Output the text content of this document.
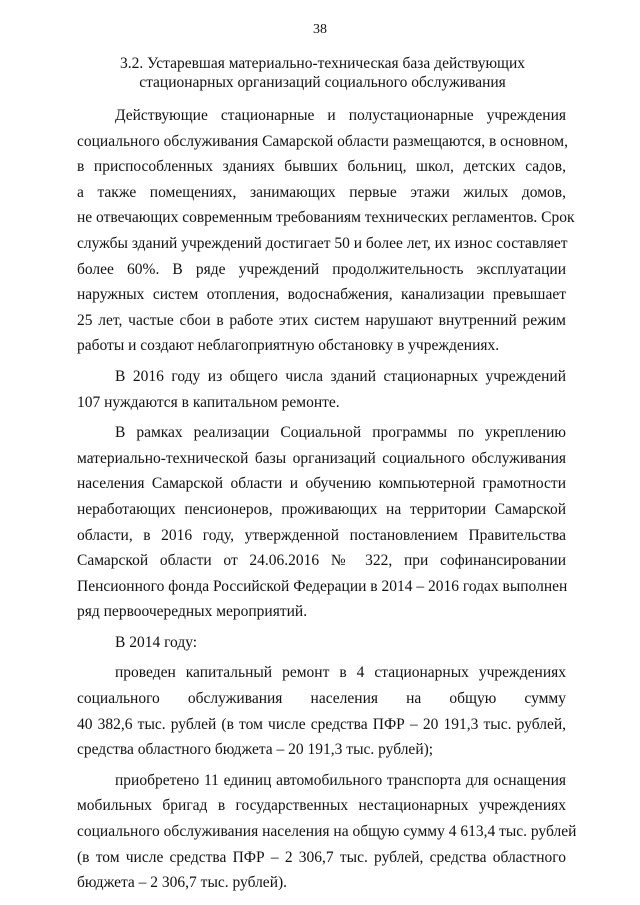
38
3.2. Устаревшая материально-техническая база действующих
стационарных организаций социального обслуживания
Действующие стационарные и полустационарные учреждения
социального обслуживания Самарской области размещаются, в основном,
в приспособленных зданиях бывших больниц, школ, детских садов,
а также помещениях, занимающих первые этажи жилых домов,
не отвечающих современным требованиям технических регламентов. Срок
службы зданий учреждений достигает 50 и более лет, их износ составляет
более 60%. В ряде учреждений продолжительность эксплуатации
наружных систем отопления, водоснабжения, канализации превышает
25 лет, частые сбои в работе этих систем нарушают внутренний режим
работы и создают неблагоприятную обстановку в учреждениях.
В 2016 году из общего числа зданий стационарных учреждений
107 нуждаются в капитальном ремонте.
В рамках реализации Социальной программы по укреплению
материально-технической базы организаций социального обслуживания
населения Самарской области и обучению компьютерной грамотности
неработающих пенсионеров, проживающих на территории Самарской
области, в 2016 году, утвержденной постановлением Правительства
Самарской области от 24.06.2016 № 322, при софинансировании
Пенсионного фонда Российской Федерации в 2014 – 2016 годах выполнен
ряд первоочередных мероприятий.
В 2014 году:
проведен капитальный ремонт в 4 стационарных учреждениях
социального обслуживания населения на общую сумму
40 382,6 тыс. рублей (в том числе средства ПФР – 20 191,3 тыс. рублей,
средства областного бюджета – 20 191,3 тыс. рублей);
приобретено 11 единиц автомобильного транспорта для оснащения
мобильных бригад в государственных нестационарных учреждениях
социального обслуживания населения на общую сумму 4 613,4 тыс. рублей
(в том числе средства ПФР – 2 306,7 тыс. рублей, средства областного
бюджета – 2 306,7 тыс. рублей).
